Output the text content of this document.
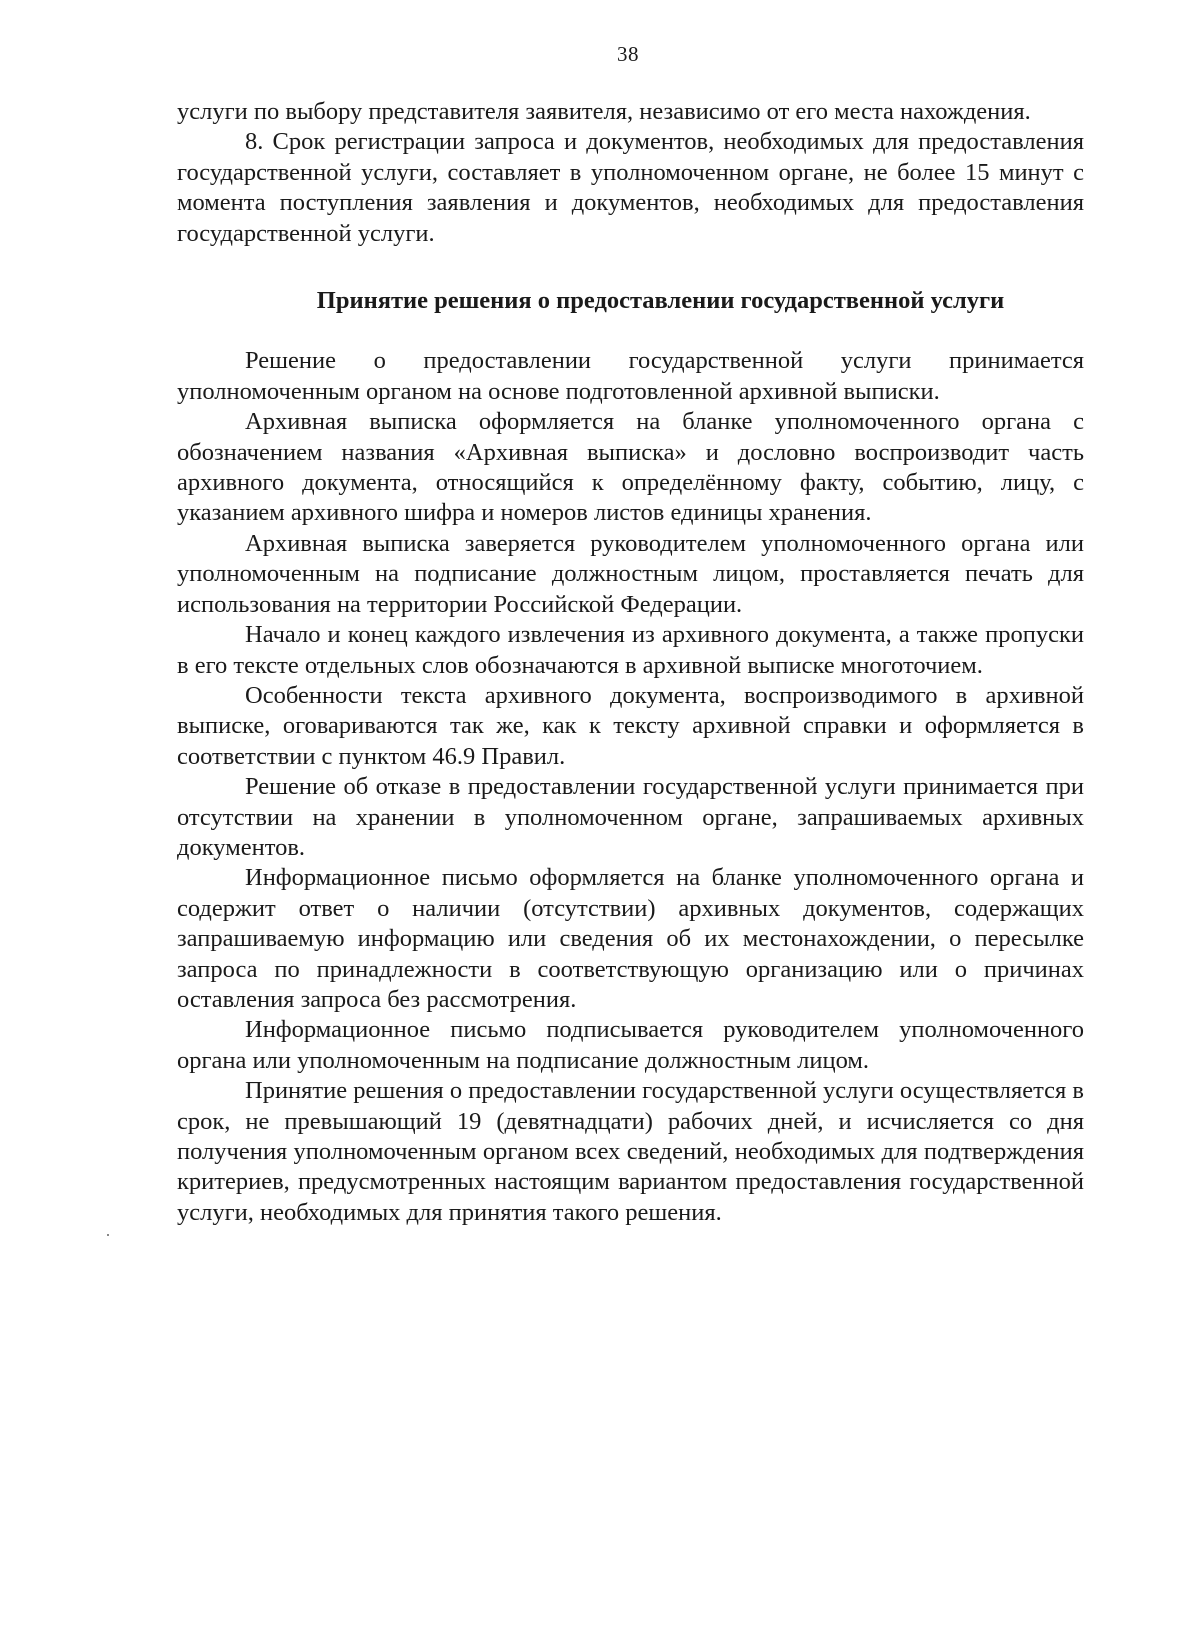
38

услуги по выбору представителя заявителя, независимо от его места нахождения.

8. Срок регистрации запроса и документов, необходимых для предоставления государственной услуги, составляет в уполномоченном органе, не более 15 минут с момента поступления заявления и документов, необходимых для предоставления государственной услуги.

Принятие решения о предоставлении государственной услуги

Решение о предоставлении государственной услуги принимается уполномоченным органом на основе подготовленной архивной выписки.

Архивная выписка оформляется на бланке уполномоченного органа с обозначением названия «Архивная выписка» и дословно воспроизводит часть архивного документа, относящийся к определённому факту, событию, лицу, с указанием архивного шифра и номеров листов единицы хранения.

Архивная выписка заверяется руководителем уполномоченного органа или уполномоченным на подписание должностным лицом, проставляется печать для использования на территории Российской Федерации.

Начало и конец каждого извлечения из архивного документа, а также пропуски в его тексте отдельных слов обозначаются в архивной выписке многоточием.

Особенности текста архивного документа, воспроизводимого в архивной выписке, оговариваются так же, как к тексту архивной справки и оформляется в соответствии с пунктом 46.9 Правил.

Решение об отказе в предоставлении государственной услуги принимается при отсутствии на хранении в уполномоченном органе, запрашиваемых архивных документов.

Информационное письмо оформляется на бланке уполномоченного органа и содержит ответ о наличии (отсутствии) архивных документов, содержащих запрашиваемую информацию или сведения об их местонахождении, о пересылке запроса по принадлежности в соответствующую организацию или о причинах оставления запроса без рассмотрения.

Информационное письмо подписывается руководителем уполномоченного органа или уполномоченным на подписание должностным лицом.

Принятие решения о предоставлении государственной услуги осуществляется в срок, не превышающий 19 (девятнадцати) рабочих дней, и исчисляется со дня получения уполномоченным органом всех сведений, необходимых для подтверждения критериев, предусмотренных настоящим вариантом предоставления государственной услуги, необходимых для принятия такого решения.
